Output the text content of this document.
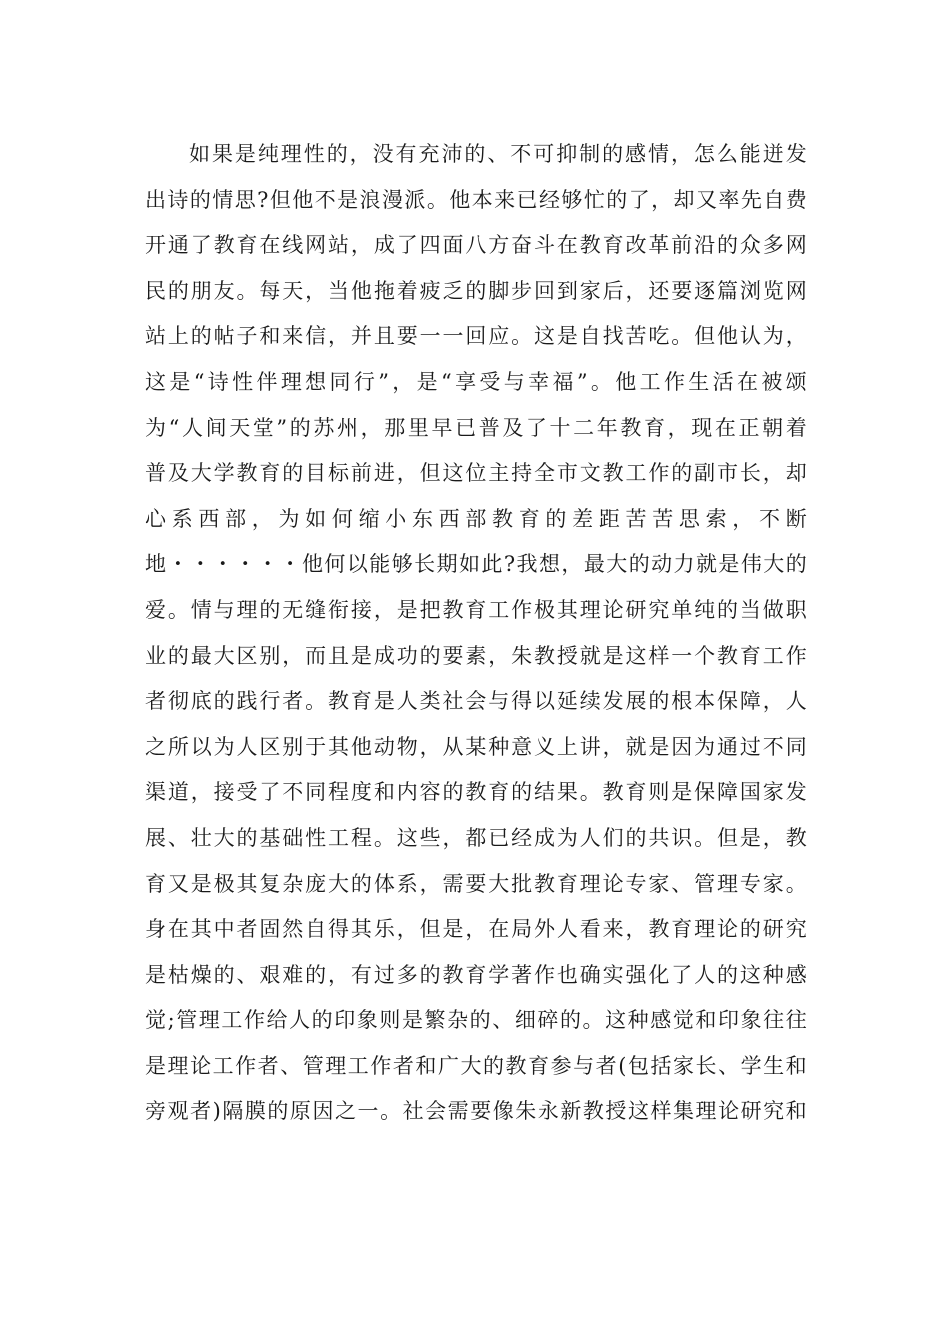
如果是纯理性的，没有充沛的、不可抑制的感情，怎么能迸发
出诗的情思?但他不是浪漫派。他本来已经够忙的了，却又率先自费
开通了教育在线网站，成了四面八方奋斗在教育改革前沿的众多网
民的朋友。每天，当他拖着疲乏的脚步回到家后，还要逐篇浏览网
站上的帖子和来信，并且要一一回应。这是自找苦吃。但他认为，
这是“诗性伴理想同行”，是“享受与幸福”。他工作生活在被颂
为“人间天堂”的苏州，那里早已普及了十二年教育，现在正朝着
普及大学教育的目标前进，但这位主持全市文教工作的副市长，却
心系西部，为如何缩小东西部教育的差距苦苦思索，不断
地・・・・・・他何以能够长期如此?我想，最大的动力就是伟大的
爱。情与理的无缝衔接，是把教育工作极其理论研究单纯的当做职
业的最大区别，而且是成功的要素，朱教授就是这样一个教育工作
者彻底的践行者。教育是人类社会与得以延续发展的根本保障，人
之所以为人区别于其他动物，从某种意义上讲，就是因为通过不同
渠道，接受了不同程度和内容的教育的结果。教育则是保障国家发
展、壮大的基础性工程。这些，都已经成为人们的共识。但是，教
育又是极其复杂庞大的体系，需要大批教育理论专家、管理专家。
身在其中者固然自得其乐，但是，在局外人看来，教育理论的研究
是枯燥的、艰难的，有过多的教育学著作也确实强化了人的这种感
觉;管理工作给人的印象则是繁杂的、细碎的。这种感觉和印象往往
是理论工作者、管理工作者和广大的教育参与者(包括家长、学生和
旁观者)隔膜的原因之一。社会需要像朱永新教授这样集理论研究和
